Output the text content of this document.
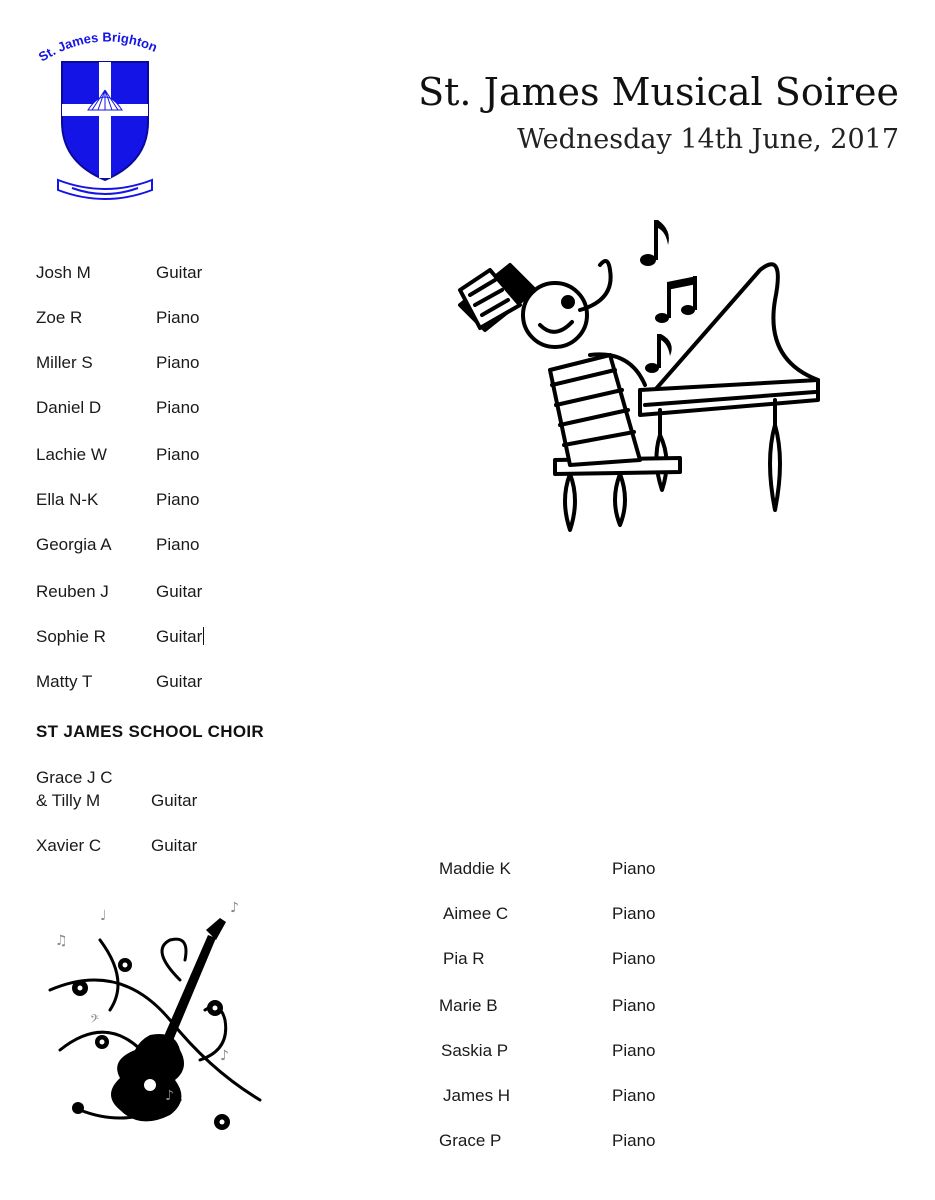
St. James Brighton
St. James Musical Soiree
Wednesday 14th June, 2017
Josh M	Guitar
Zoe R	Piano
Miller S	Piano
Daniel D	Piano
Lachie W	Piano
Ella N-K	Piano
Georgia A	Piano
Reuben J	Guitar
Sophie R	Guitar
Matty T	Guitar
ST JAMES SCHOOL CHOIR
Grace J C
& Tilly M	Guitar
Xavier C	Guitar
Maddie K	Piano
Aimee C	Piano
Pia R	Piano
Marie B	Piano
Saskia P	Piano
James H	Piano
Grace P	Piano
♩
♫
♪
𝄢
♪
♪
